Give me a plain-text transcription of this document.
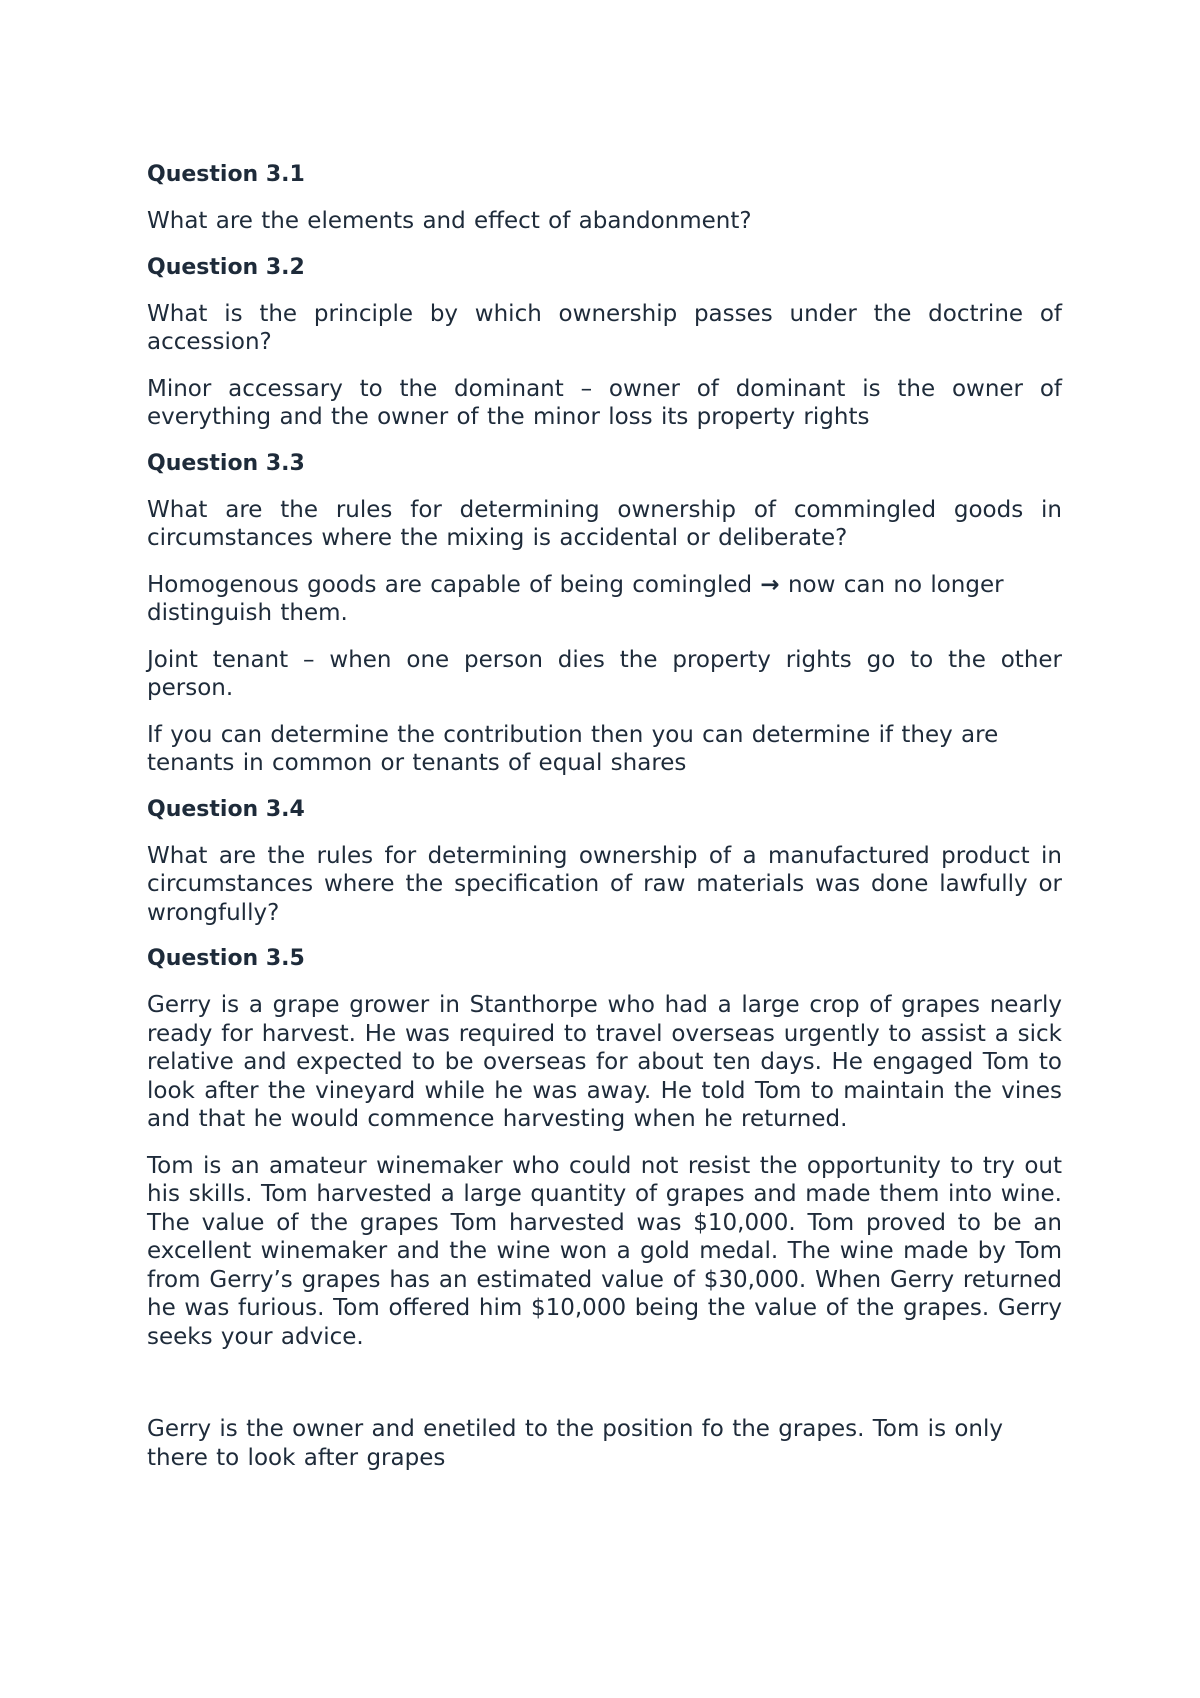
Question 3.1
What are the elements and effect of abandonment?
Question 3.2
What is the principle by which ownership passes under the doctrine of accession?
Minor accessary to the dominant – owner of dominant is the owner of everything and the owner of the minor loss its property rights
Question 3.3
What are the rules for determining ownership of commingled goods in circumstances where the mixing is accidental or deliberate?
Homogenous goods are capable of being comingled → now can no longer distinguish them.
Joint tenant – when one person dies the property rights go to the other person.
If you can determine the contribution then you can determine if they are tenants in common or tenants of equal shares
Question 3.4
What are the rules for determining ownership of a manufactured product in circumstances where the specification of raw materials was done lawfully or wrongfully?
Question 3.5
Gerry is a grape grower in Stanthorpe who had a large crop of grapes nearly ready for harvest. He was required to travel overseas urgently to assist a sick relative and expected to be overseas for about ten days. He engaged Tom to look after the vineyard while he was away. He told Tom to maintain the vines and that he would commence harvesting when he returned.
Tom is an amateur winemaker who could not resist the opportunity to try out his skills. Tom harvested a large quantity of grapes and made them into wine. The value of the grapes Tom harvested was $10,000. Tom proved to be an excellent winemaker and the wine won a gold medal. The wine made by Tom from Gerry’s grapes has an estimated value of $30,000. When Gerry returned he was furious. Tom offered him $10,000 being the value of the grapes. Gerry seeks your advice.
Gerry is the owner and enetiled to the position fo the grapes. Tom is only there to look after grapes
